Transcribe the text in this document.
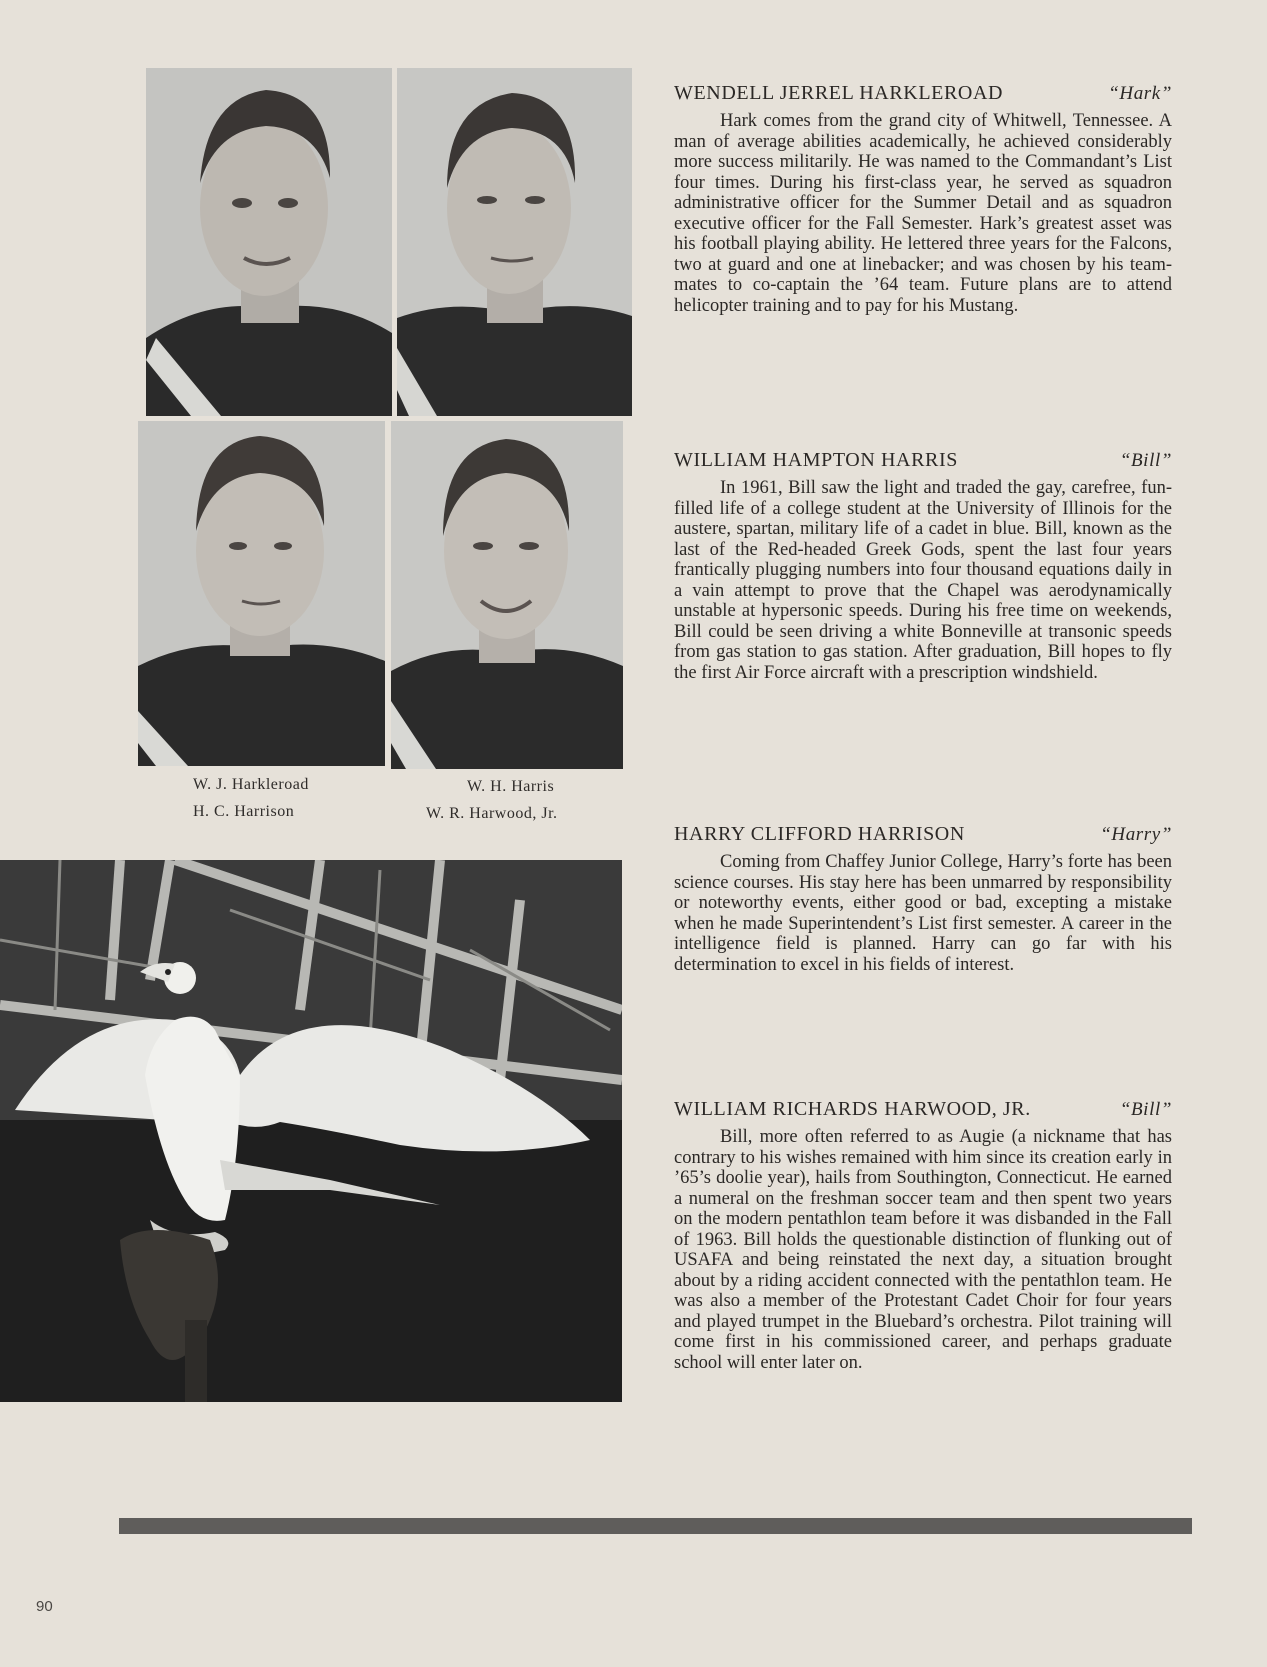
W. J. Harkleroad	W. H. Harris
H. C. Harrison	W. R. Harwood, Jr.
WENDELL JERREL HARKLEROAD	“Hark”

Hark comes from the grand city of Whitwell, Tennessee. A man of average abilities academically, he achieved considerably more success militarily. He was named to the Commandant’s List four times. During his first-class year, he served as squadron administrative officer for the Summer Detail and as squadron executive officer for the Fall Semester. Hark’s greatest asset was his football playing ability. He lettered three years for the Falcons, two at guard and one at linebacker; and was chosen by his team-mates to co-captain the ’64 team. Future plans are to attend helicopter training and to pay for his Mustang.

WILLIAM HAMPTON HARRIS	“Bill”

In 1961, Bill saw the light and traded the gay, carefree, fun-filled life of a college student at the University of Illinois for the austere, spartan, military life of a cadet in blue. Bill, known as the last of the Red-headed Greek Gods, spent the last four years frantically plugging numbers into four thousand equations daily in a vain attempt to prove that the Chapel was aerodynamically unstable at hypersonic speeds. During his free time on weekends, Bill could be seen driving a white Bonneville at transonic speeds from gas station to gas station. After graduation, Bill hopes to fly the first Air Force aircraft with a prescription windshield.

HARRY CLIFFORD HARRISON	“Harry”

Coming from Chaffey Junior College, Harry’s forte has been science courses. His stay here has been unmarred by responsibility or noteworthy events, either good or bad, excepting a mistake when he made Superintendent’s List first semester. A career in the intelligence field is planned. Harry can go far with his determination to excel in his fields of interest.

WILLIAM RICHARDS HARWOOD, JR.	“Bill”

Bill, more often referred to as Augie (a nickname that has contrary to his wishes remained with him since its creation early in ’65’s doolie year), hails from Southington, Connecticut. He earned a numeral on the freshman soccer team and then spent two years on the modern pentathlon team before it was disbanded in the Fall of 1963. Bill holds the questionable distinction of flunking out of USAFA and being reinstated the next day, a situation brought about by a riding accident connected with the pentathlon team. He was also a member of the Protestant Cadet Choir for four years and played trumpet in the Bluebard’s orchestra. Pilot training will come first in his commissioned career, and perhaps graduate school will enter later on.

90
